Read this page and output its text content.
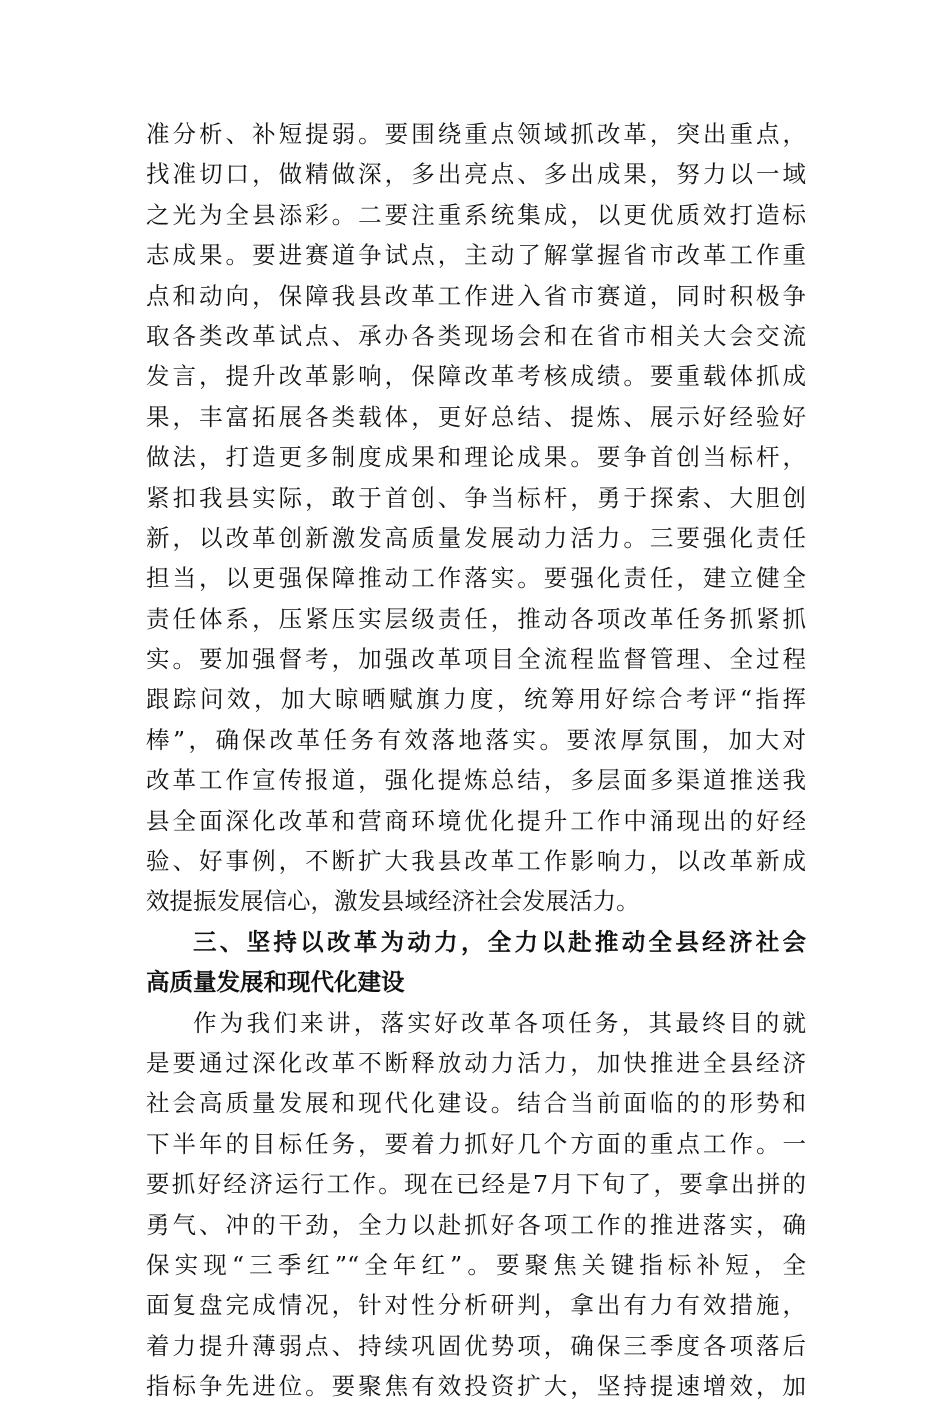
准分析、补短提弱。要围绕重点领域抓改革，突出重点，
找准切口，做精做深，多出亮点、多出成果，努力以一域
之光为全县添彩。二要注重系统集成，以更优质效打造标
志成果。要进赛道争试点，主动了解掌握省市改革工作重
点和动向，保障我县改革工作进入省市赛道，同时积极争
取各类改革试点、承办各类现场会和在省市相关大会交流
发言，提升改革影响，保障改革考核成绩。要重载体抓成
果，丰富拓展各类载体，更好总结、提炼、展示好经验好
做法，打造更多制度成果和理论成果。要争首创当标杆，
紧扣我县实际，敢于首创、争当标杆，勇于探索、大胆创
新，以改革创新激发高质量发展动力活力。三要强化责任
担当，以更强保障推动工作落实。要强化责任，建立健全
责任体系，压紧压实层级责任，推动各项改革任务抓紧抓
实。要加强督考，加强改革项目全流程监督管理、全过程
跟踪问效，加大晾晒赋旗力度，统筹用好综合考评“指挥
棒”，确保改革任务有效落地落实。要浓厚氛围，加大对
改革工作宣传报道，强化提炼总结，多层面多渠道推送我
县全面深化改革和营商环境优化提升工作中涌现出的好经
验、好事例，不断扩大我县改革工作影响力，以改革新成
效提振发展信心，激发县域经济社会发展活力。
三、坚持以改革为动力，全力以赴推动全县经济社会
高质量发展和现代化建设
作为我们来讲，落实好改革各项任务，其最终目的就
是要通过深化改革不断释放动力活力，加快推进全县经济
社会高质量发展和现代化建设。结合当前面临的的形势和
下半年的目标任务，要着力抓好几个方面的重点工作。一
要抓好经济运行工作。现在已经是7月下旬了，要拿出拼的
勇气、冲的干劲，全力以赴抓好各项工作的推进落实，确
保实现“三季红”“全年红”。要聚焦关键指标补短，全
面复盘完成情况，针对性分析研判，拿出有力有效措施，
着力提升薄弱点、持续巩固优势项，确保三季度各项落后
指标争先进位。要聚焦有效投资扩大，坚持提速增效，加
